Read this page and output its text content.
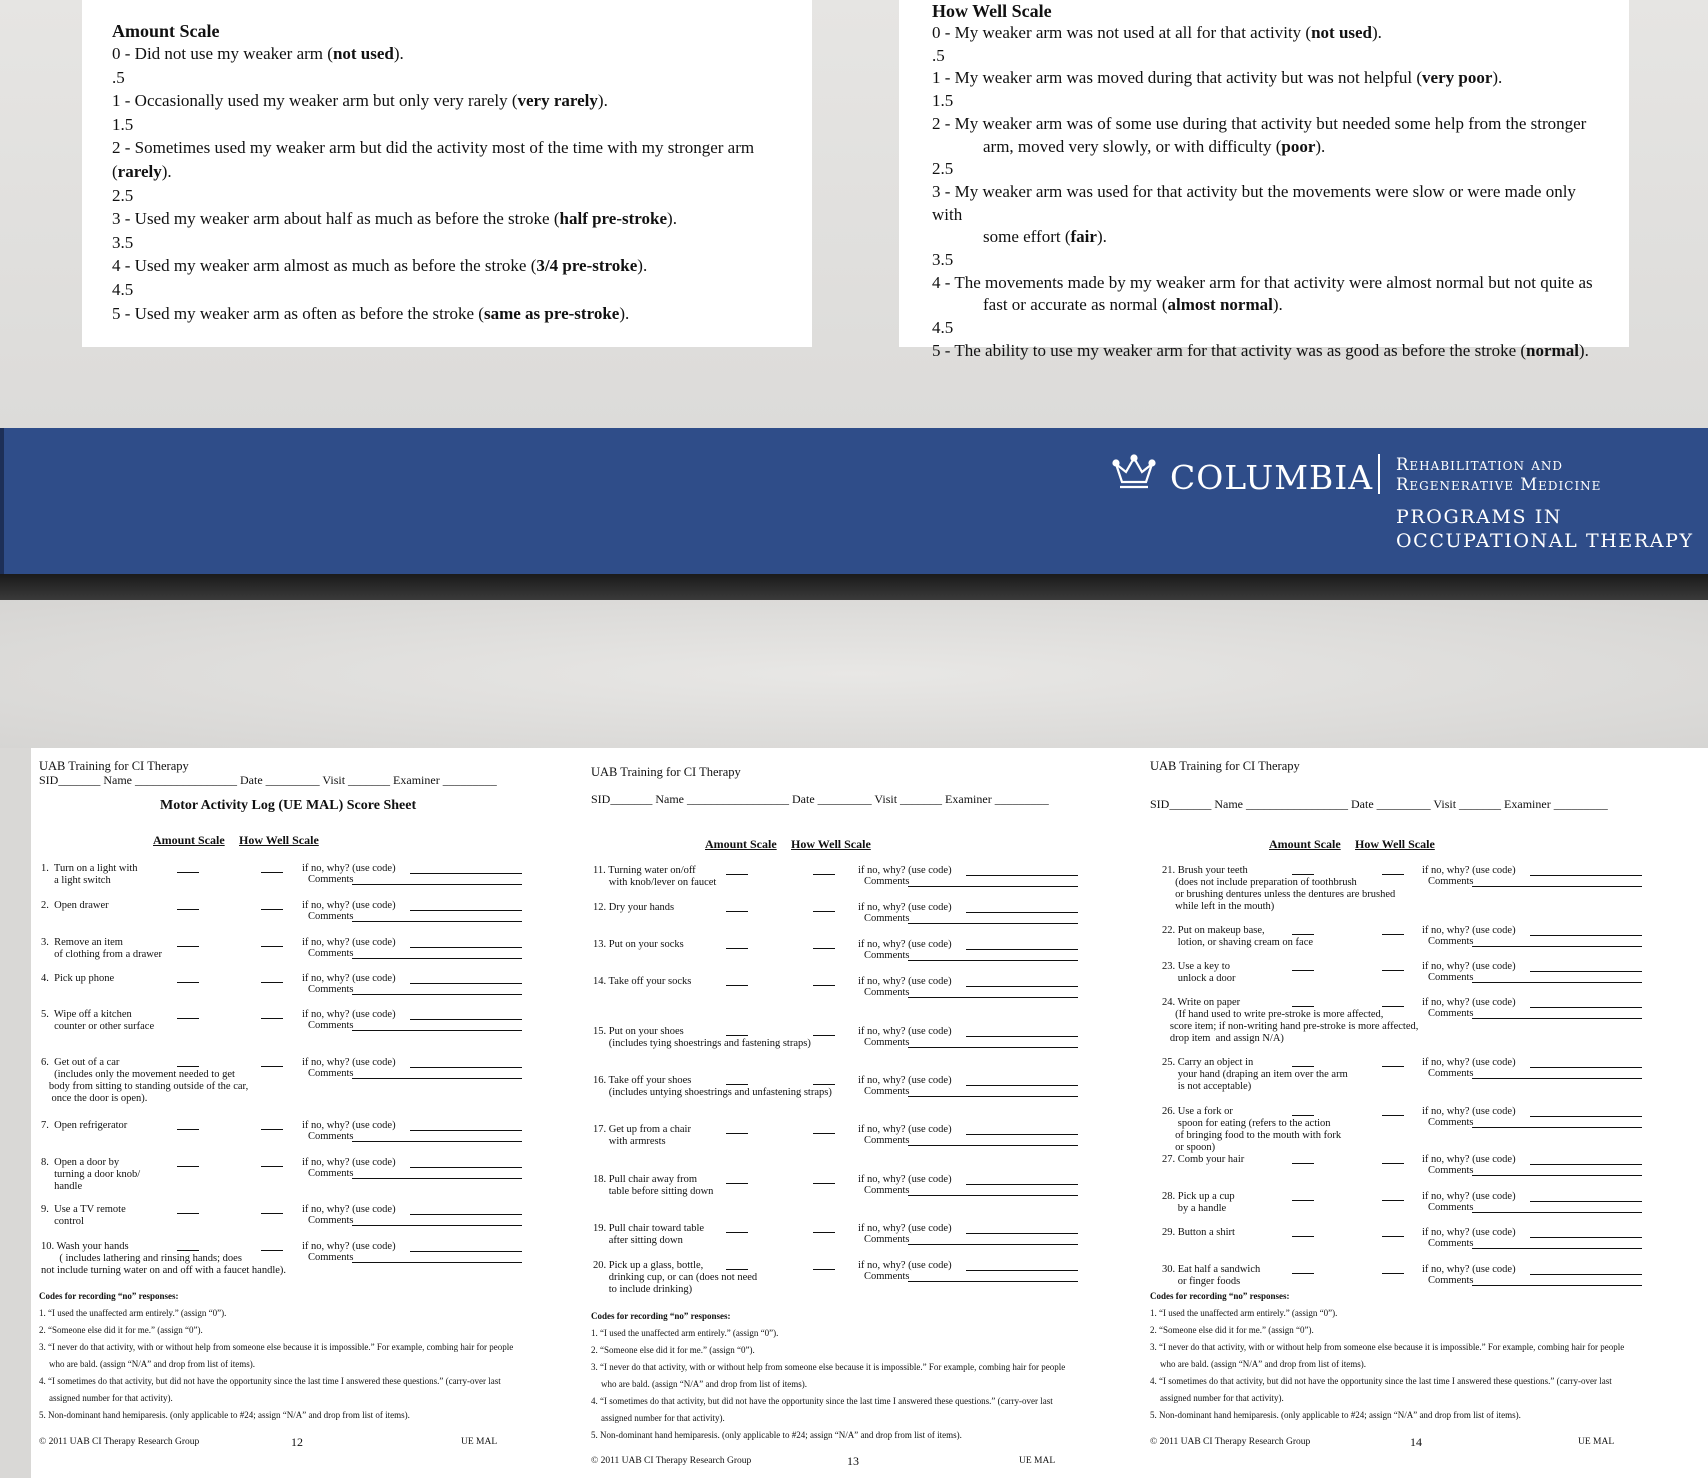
Amount Scale
0 - Did not use my weaker arm (not used).
.5
1 - Occasionally used my weaker arm but only very rarely (very rarely).
1.5
2 - Sometimes used my weaker arm but did the activity most of the time with my stronger arm
(rarely).
2.5
3 - Used my weaker arm about half as much as before the stroke (half pre-stroke).
3.5
4 - Used my weaker arm almost as much as before the stroke (3/4 pre-stroke).
4.5
5 - Used my weaker arm as often as before the stroke (same as pre-stroke).
How Well Scale
0 - My weaker arm was not used at all for that activity (not used).
.5
1 - My weaker arm was moved during that activity but was not helpful (very poor).
1.5
2 - My weaker arm was of some use during that activity but needed some help from the stronger
arm, moved very slowly, or with difficulty (poor).
2.5
3 - My weaker arm was used for that activity but the movements were slow or were made only with
some effort (fair).
3.5
4 - The movements made by my weaker arm for that activity were almost normal but not quite as
fast or accurate as normal (almost normal).
4.5
5 - The ability to use my weaker arm for that activity was as good as before the stroke (normal).
COLUMBIA Rehabilitation and
Regenerative Medicine
PROGRAMS IN
OCCUPATIONAL THERAPY
UAB Training for CI Therapy
SID_______ Name _________________ Date _________ Visit _______ Examiner _________
Motor Activity Log (UE MAL) Score Sheet
Amount Scale How Well Scale
1.  Turn on a light with
a light switch
if no, why? (use code)
Comments
2.  Open drawer	if no, why? (use code)
Comments
3.  Remove an item
of clothing from a drawer
if no, why? (use code)
Comments
4.  Pick up phone	if no, why? (use code)
Comments
5.  Wipe off a kitchen
counter or other surface
if no, why? (use code)
Comments
6.  Get out of a car
(includes only the movement needed to get
body from sitting to standing outside of the car,
once the door is open).
if no, why? (use code)
Comments
7.  Open refrigerator	if no, why? (use code)
Comments
8.  Open a door by
turning a door knob/
handle
if no, why? (use code)
Comments
9.  Use a TV remote
control
if no, why? (use code)
Comments
10. Wash your hands
( includes lathering and rinsing hands; does
not include turning water on and off with a faucet handle).
if no, why? (use code)
Comments
Codes for recording “no” responses:
1. “I used the unaffected arm entirely.” (assign “0”).
2. “Someone else did it for me.” (assign “0”).
3. “I never do that activity, with or without help from someone else because it is impossible.” For example, combing hair for people
who are bald. (assign “N/A” and drop from list of items).
4. “I sometimes do that activity, but did not have the opportunity since the last time I answered these questions.” (carry-over last
assigned number for that activity).
5. Non-dominant hand hemiparesis. (only applicable to #24; assign “N/A” and drop from list of items).
© 2011 UAB CI Therapy Research Group	12	UE MAL
UAB Training for CI Therapy
SID_______ Name _________________ Date _________ Visit _______ Examiner _________
Amount Scale How Well Scale
11. Turning water on/off
with knob/lever on faucet
if no, why? (use code)
Comments
12. Dry your hands	if no, why? (use code)
Comments
13. Put on your socks	if no, why? (use code)
Comments
14. Take off your socks	if no, why? (use code)
Comments
15. Put on your shoes
(includes tying shoestrings and fastening straps)
if no, why? (use code)
Comments
16. Take off your shoes
(includes untying shoestrings and unfastening straps)
if no, why? (use code)
Comments
17. Get up from a chair
with armrests
if no, why? (use code)
Comments
18. Pull chair away from
table before sitting down
if no, why? (use code)
Comments
19. Pull chair toward table
after sitting down
if no, why? (use code)
Comments
20. Pick up a glass, bottle,
drinking cup, or can (does not need
to include drinking)
if no, why? (use code)
Comments
Codes for recording “no” responses:
1. “I used the unaffected arm entirely.” (assign “0”).
2. “Someone else did it for me.” (assign “0”).
3. “I never do that activity, with or without help from someone else because it is impossible.” For example, combing hair for people
who are bald. (assign “N/A” and drop from list of items).
4. “I sometimes do that activity, but did not have the opportunity since the last time I answered these questions.” (carry-over last
assigned number for that activity).
5. Non-dominant hand hemiparesis. (only applicable to #24; assign “N/A” and drop from list of items).
© 2011 UAB CI Therapy Research Group	13	UE MAL
UAB Training for CI Therapy
SID_______ Name _________________ Date _________ Visit _______ Examiner _________
Amount Scale How Well Scale
21. Brush your teeth
(does not include preparation of toothbrush
or brushing dentures unless the dentures are brushed
while left in the mouth)
if no, why? (use code)
Comments
22. Put on makeup base,
lotion, or shaving cream on face
if no, why? (use code)
Comments
23. Use a key to
unlock a door
if no, why? (use code)
Comments
24. Write on paper
(If hand used to write pre-stroke is more affected,
score item; if non-writing hand pre-stroke is more affected,
drop item  and assign N/A)
if no, why? (use code)
Comments
25. Carry an object in
your hand (draping an item over the arm
is not acceptable)
if no, why? (use code)
Comments
26. Use a fork or
spoon for eating (refers to the action
of bringing food to the mouth with fork
or spoon)
if no, why? (use code)
Comments
27. Comb your hair	if no, why? (use code)
Comments
28. Pick up a cup
by a handle
if no, why? (use code)
Comments
29. Button a shirt	if no, why? (use code)
Comments
30. Eat half a sandwich
or finger foods
if no, why? (use code)
Comments
Codes for recording “no” responses:
1. “I used the unaffected arm entirely.” (assign “0”).
2. “Someone else did it for me.” (assign “0”).
3. “I never do that activity, with or without help from someone else because it is impossible.” For example, combing hair for people
who are bald. (assign “N/A” and drop from list of items).
4. “I sometimes do that activity, but did not have the opportunity since the last time I answered these questions.” (carry-over last
assigned number for that activity).
5. Non-dominant hand hemiparesis. (only applicable to #24; assign “N/A” and drop from list of items).
© 2011 UAB CI Therapy Research Group	14	UE MAL
